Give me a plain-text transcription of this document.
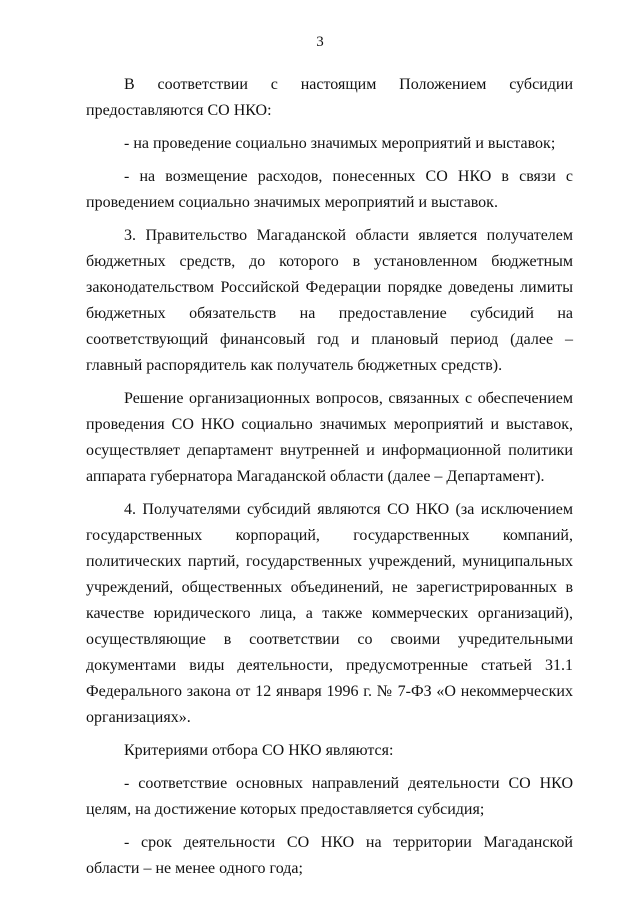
3

В соответствии с настоящим Положением субсидии предоставляются СО НКО:

- на проведение социально значимых мероприятий и выставок;

- на возмещение расходов, понесенных СО НКО в связи с проведением социально значимых мероприятий и выставок.

3. Правительство Магаданской области является получателем бюджетных средств, до которого в установленном бюджетным законодательством Российской Федерации порядке доведены лимиты бюджетных обязательств на предоставление субсидий на соответствующий финансовый год и плановый период (далее – главный распорядитель как получатель бюджетных средств).

Решение организационных вопросов, связанных с обеспечением проведения СО НКО социально значимых мероприятий и выставок, осуществляет департамент внутренней и информационной политики аппарата губернатора Магаданской области (далее – Департамент).

4. Получателями субсидий являются СО НКО (за исключением государственных корпораций, государственных компаний, политических партий, государственных учреждений, муниципальных учреждений, общественных объединений, не зарегистрированных в качестве юридического лица, а также коммерческих организаций), осуществляющие в соответствии со своими учредительными документами виды деятельности, предусмотренные статьей 31.1 Федерального закона от 12 января 1996 г. № 7-ФЗ «О некоммерческих организациях».

Критериями отбора СО НКО являются:

- соответствие основных направлений деятельности СО НКО целям, на достижение которых предоставляется субсидия;

- срок деятельности СО НКО на территории Магаданской области – не менее одного года;
